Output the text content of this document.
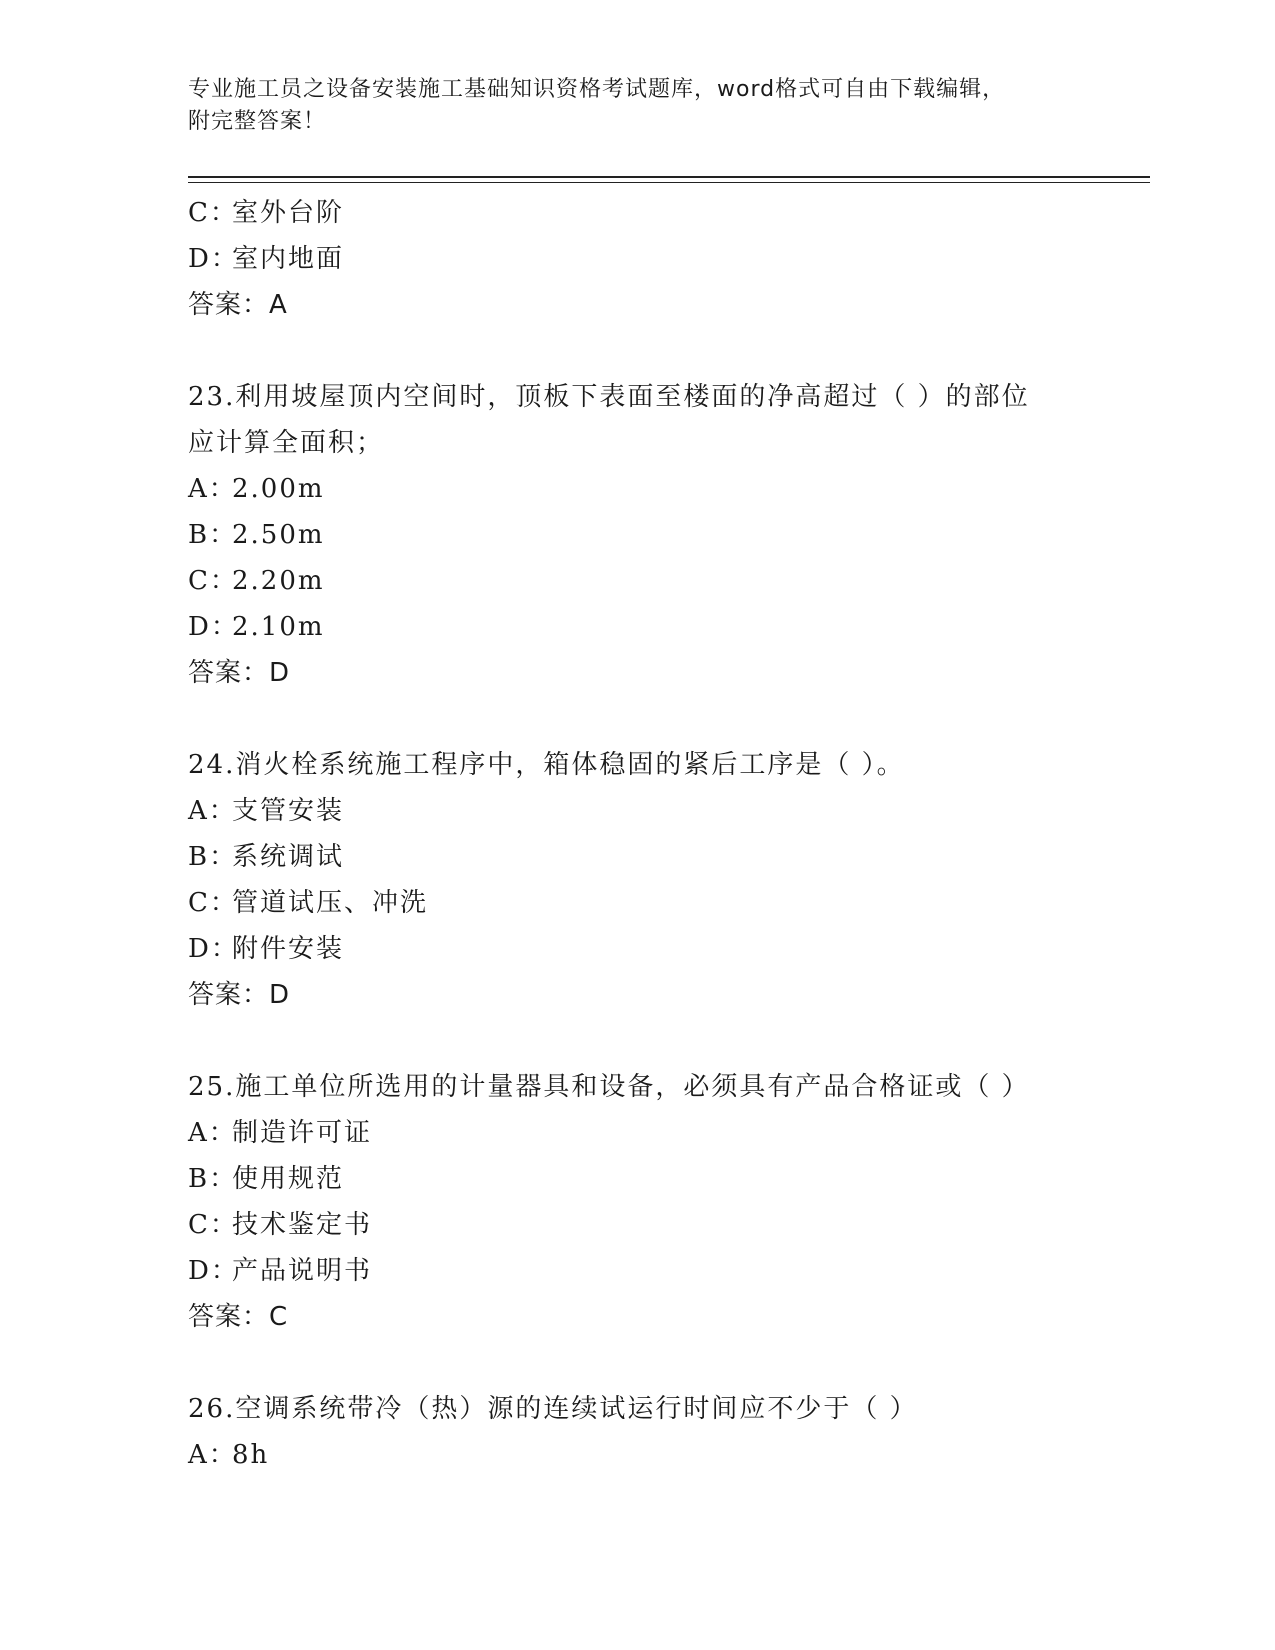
专业施工员之设备安装施工基础知识资格考试题库，word格式可自由下载编辑，
附完整答案！
C：室外台阶
D：室内地面
答案：A
23.利用坡屋顶内空间时，顶板下表面至楼面的净高超过（ ）的部位
应计算全面积；
A：2.00m
B：2.50m
C：2.20m
D：2.10m
答案：D
24.消火栓系统施工程序中，箱体稳固的紧后工序是（ ）。
A：支管安装
B：系统调试
C：管道试压、冲洗
D：附件安装
答案：D
25.施工单位所选用的计量器具和设备，必须具有产品合格证或（ ）
A：制造许可证
B：使用规范
C：技术鉴定书
D：产品说明书
答案：C
26.空调系统带冷（热）源的连续试运行时间应不少于（ ）
A：8h
